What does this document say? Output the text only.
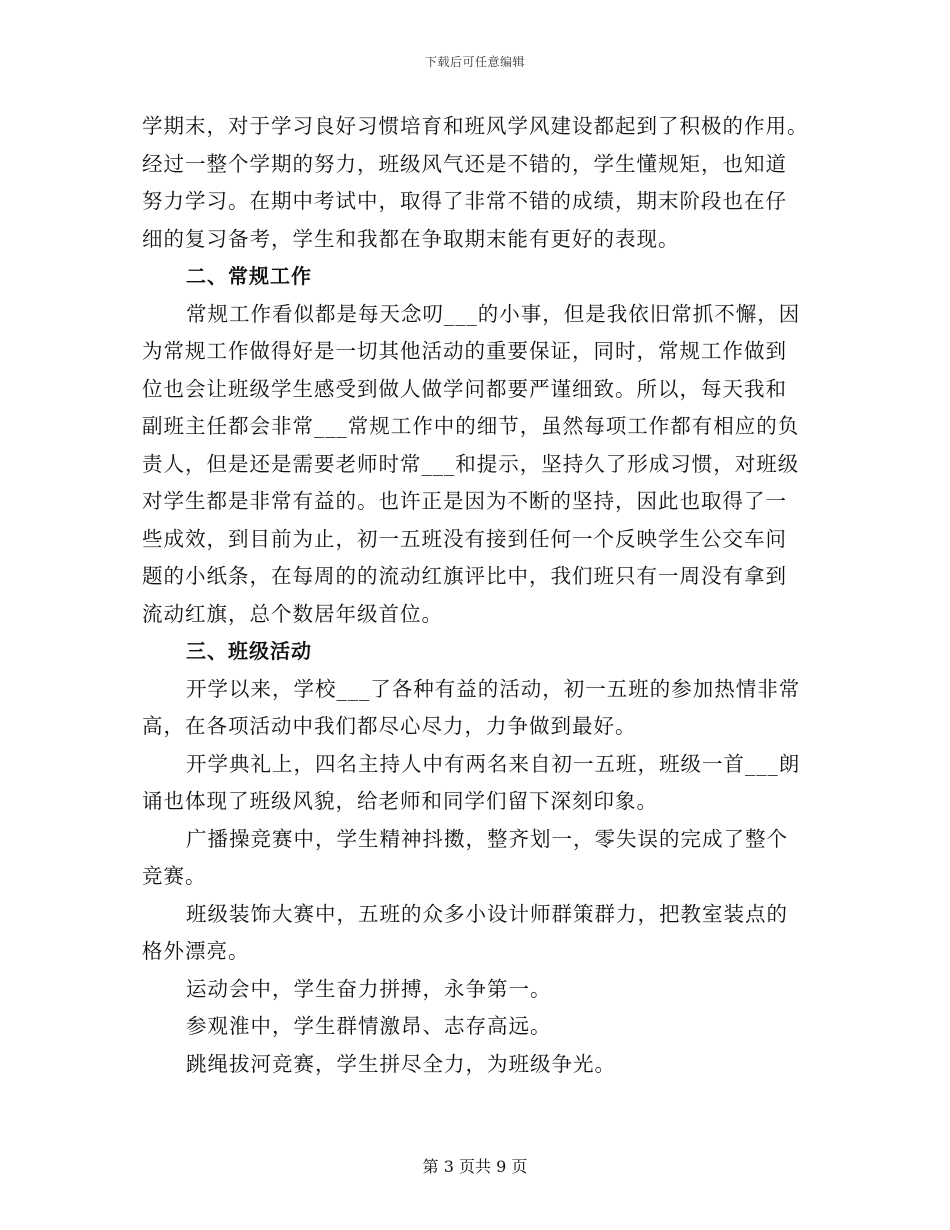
下载后可任意编辑
学期末，对于学习良好习惯培育和班风学风建设都起到了积极的作用。
经过一整个学期的努力，班级风气还是不错的，学生懂规矩，也知道
努力学习。在期中考试中，取得了非常不错的成绩，期末阶段也在仔
细的复习备考，学生和我都在争取期末能有更好的表现。
二、常规工作
常规工作看似都是每天念叨___的小事，但是我依旧常抓不懈，因
为常规工作做得好是一切其他活动的重要保证，同时，常规工作做到
位也会让班级学生感受到做人做学问都要严谨细致。所以，每天我和
副班主任都会非常___常规工作中的细节，虽然每项工作都有相应的负
责人，但是还是需要老师时常___和提示，坚持久了形成习惯，对班级
对学生都是非常有益的。也许正是因为不断的坚持，因此也取得了一
些成效，到目前为止，初一五班没有接到任何一个反映学生公交车问
题的小纸条，在每周的的流动红旗评比中，我们班只有一周没有拿到
流动红旗，总个数居年级首位。
三、班级活动
开学以来，学校___了各种有益的活动，初一五班的参加热情非常
高，在各项活动中我们都尽心尽力，力争做到最好。
开学典礼上，四名主持人中有两名来自初一五班，班级一首___朗
诵也体现了班级风貌，给老师和同学们留下深刻印象。
广播操竞赛中，学生精神抖擞，整齐划一，零失误的完成了整个
竞赛。
班级装饰大赛中，五班的众多小设计师群策群力，把教室装点的
格外漂亮。
运动会中，学生奋力拼搏，永争第一。
参观淮中，学生群情激昂、志存高远。
跳绳拔河竞赛，学生拼尽全力，为班级争光。
第 3 页共 9 页
